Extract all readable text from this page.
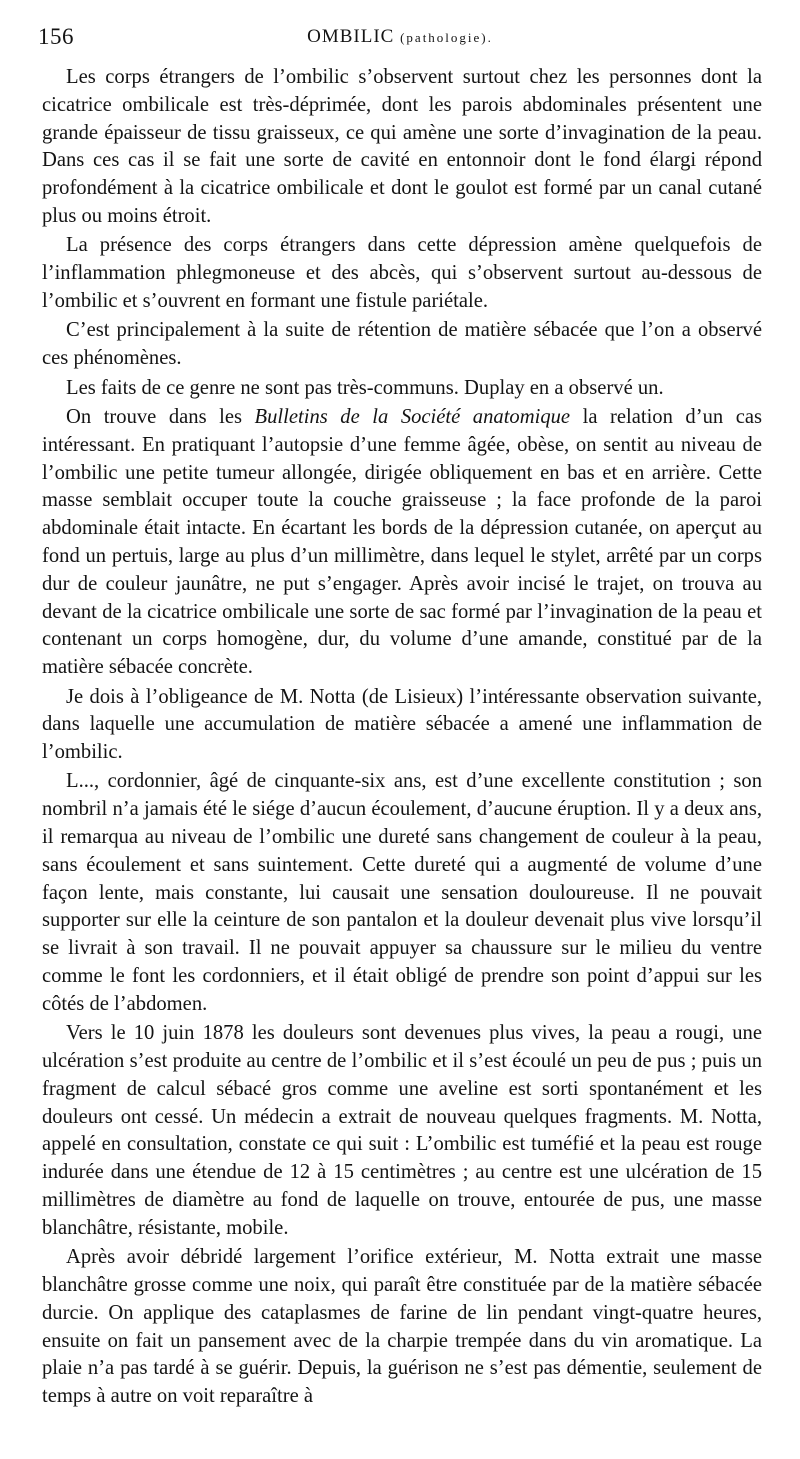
156	OMBILIC (pathologie).

Les corps étrangers de l’ombilic s’observent surtout chez les personnes dont la cicatrice ombilicale est très-déprimée, dont les parois abdominales présentent une grande épaisseur de tissu graisseux, ce qui amène une sorte d’invagination de la peau. Dans ces cas il se fait une sorte de cavité en entonnoir dont le fond élargi répond profondément à la cicatrice ombilicale et dont le goulot est formé par un canal cutané plus ou moins étroit.

La présence des corps étrangers dans cette dépression amène quelquefois de l’inflammation phlegmoneuse et des abcès, qui s’observent surtout au-dessous de l’ombilic et s’ouvrent en formant une fistule pariétale.

C’est principalement à la suite de rétention de matière sébacée que l’on a observé ces phénomènes.

Les faits de ce genre ne sont pas très-communs. Duplay en a observé un.

On trouve dans les Bulletins de la Société anatomique la relation d’un cas intéressant. En pratiquant l’autopsie d’une femme âgée, obèse, on sentit au niveau de l’ombilic une petite tumeur allongée, dirigée obliquement en bas et en arrière. Cette masse semblait occuper toute la couche graisseuse ; la face profonde de la paroi abdominale était intacte. En écartant les bords de la dépression cutanée, on aperçut au fond un pertuis, large au plus d’un millimètre, dans lequel le stylet, arrêté par un corps dur de couleur jaunâtre, ne put s’engager. Après avoir incisé le trajet, on trouva au devant de la cicatrice ombilicale une sorte de sac formé par l’invagination de la peau et contenant un corps homogène, dur, du volume d’une amande, constitué par de la matière sébacée concrète.

Je dois à l’obligeance de M. Notta (de Lisieux) l’intéressante observation suivante, dans laquelle une accumulation de matière sébacée a amené une inflammation de l’ombilic.

L..., cordonnier, âgé de cinquante-six ans, est d’une excellente constitution ; son nombril n’a jamais été le siége d’aucun écoulement, d’aucune éruption. Il y a deux ans, il remarqua au niveau de l’ombilic une dureté sans changement de couleur à la peau, sans écoulement et sans suintement. Cette dureté qui a augmenté de volume d’une façon lente, mais constante, lui causait une sensation douloureuse. Il ne pouvait supporter sur elle la ceinture de son pantalon et la douleur devenait plus vive lorsqu’il se livrait à son travail. Il ne pouvait appuyer sa chaussure sur le milieu du ventre comme le font les cordonniers, et il était obligé de prendre son point d’appui sur les côtés de l’abdomen.

Vers le 10 juin 1878 les douleurs sont devenues plus vives, la peau a rougi, une ulcération s’est produite au centre de l’ombilic et il s’est écoulé un peu de pus ; puis un fragment de calcul sébacé gros comme une aveline est sorti spontanément et les douleurs ont cessé. Un médecin a extrait de nouveau quelques fragments. M. Notta, appelé en consultation, constate ce qui suit : L’ombilic est tuméfié et la peau est rouge indurée dans une étendue de 12 à 15 centimètres ; au centre est une ulcération de 15 millimètres de diamètre au fond de laquelle on trouve, entourée de pus, une masse blanchâtre, résistante, mobile.

Après avoir débridé largement l’orifice extérieur, M. Notta extrait une masse blanchâtre grosse comme une noix, qui paraît être constituée par de la matière sébacée durcie. On applique des cataplasmes de farine de lin pendant vingt-quatre heures, ensuite on fait un pansement avec de la charpie trempée dans du vin aromatique. La plaie n’a pas tardé à se guérir. Depuis, la guérison ne s’est pas démentie, seulement de temps à autre on voit reparaître à
